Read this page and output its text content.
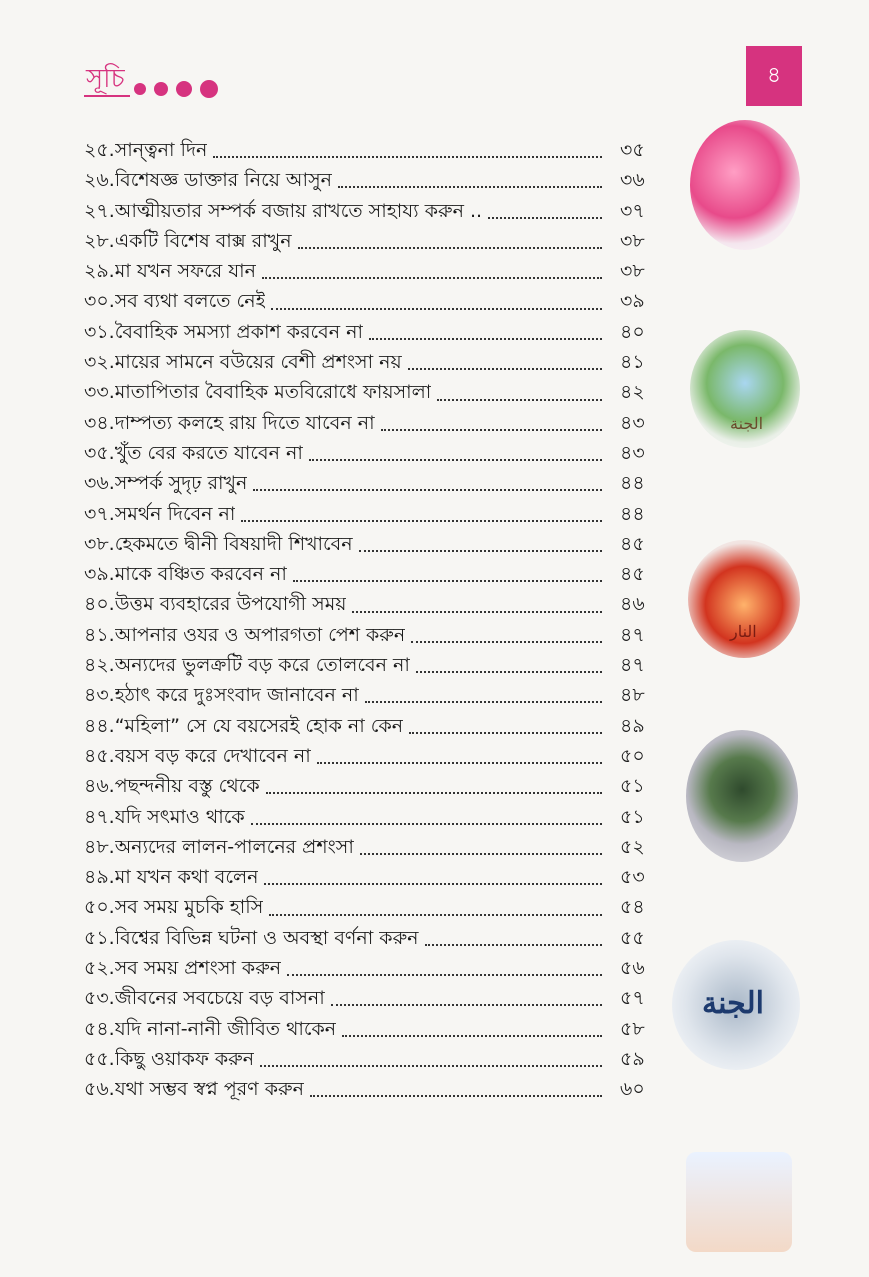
সূচি	৪
২৫. সান্ত্বনা দিন	৩৫
২৬. বিশেষজ্ঞ ডাক্তার নিয়ে আসুন	৩৬
২৭. আত্মীয়তার সম্পর্ক বজায় রাখতে সাহায্য করুন ..	৩৭
২৮. একটি বিশেষ বাক্স রাখুন	৩৮
২৯. মা যখন সফরে যান	৩৮
৩০. সব ব্যথা বলতে নেই	৩৯
৩১. বৈবাহিক সমস্যা প্রকাশ করবেন না	৪০
৩২. মায়ের সামনে বউয়ের বেশী প্রশংসা নয়	৪১
৩৩. মাতাপিতার বৈবাহিক মতবিরোধে ফায়সালা	৪২
৩৪. দাম্পত্য কলহে রায় দিতে যাবেন না	৪৩
৩৫. খুঁত বের করতে যাবেন না	৪৩
৩৬. সম্পর্ক সুদৃঢ় রাখুন	৪৪
৩৭. সমর্থন দিবেন না	৪৪
৩৮. হেকমতে দ্বীনী বিষয়াদী শিখাবেন	৪৫
৩৯. মাকে বঞ্চিত করবেন না	৪৫
৪০. উত্তম ব্যবহারের উপযোগী সময়	৪৬
৪১. আপনার ওযর ও অপারগতা পেশ করুন	৪৭
৪২. অন্যদের ভুলক্রটি বড় করে তোলবেন না	৪৭
৪৩. হঠাৎ করে দুঃসংবাদ জানাবেন না	৪৮
৪৪. “মহিলা” সে যে বয়সেরই হোক না কেন	৪৯
৪৫. বয়স বড় করে দেখাবেন না	৫০
৪৬. পছন্দনীয় বস্তু থেকে	৫১
৪৭. যদি সৎমাও থাকে	৫১
৪৮. অন্যদের লালন-পালনের প্রশংসা	৫২
৪৯. মা যখন কথা বলেন	৫৩
৫০. সব সময় মুচকি হাসি	৫৪
৫১. বিশ্বের বিভিন্ন ঘটনা ও অবস্থা বর্ণনা করুন	৫৫
৫২. সব সময় প্রশংসা করুন	৫৬
৫৩. জীবনের সবচেয়ে বড় বাসনা	৫৭
৫৪. যদি নানা-নানী জীবিত থাকেন	৫৮
৫৫. কিছু ওয়াকফ করুন	৫৯
৫৬. যথা সম্ভব স্বপ্ন পূরণ করুন	৬০
الجنة
النار
الجنة
